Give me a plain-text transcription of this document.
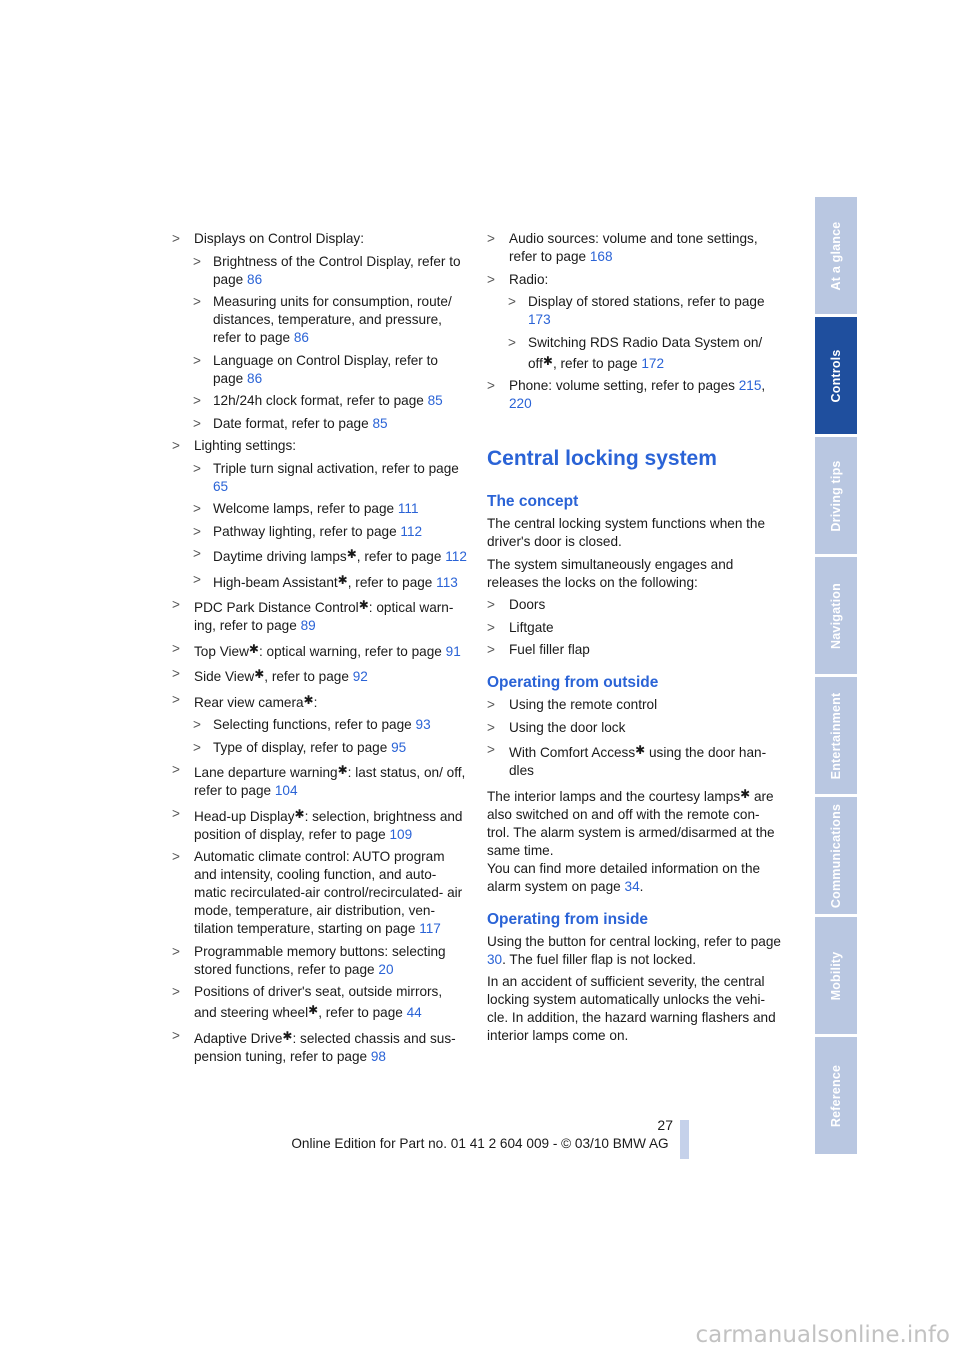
> Displays on Control Display:
> Brightness of the Control Display, refer to page 86
> Measuring units for consumption, route/ distances, temperature, and pressure, refer to page 86
> Language on Control Display, refer to page 86
> 12h/24h clock format, refer to page 85
> Date format, refer to page 85
> Lighting settings:
> Triple turn signal activation, refer to page 65
> Welcome lamps, refer to page 111
> Pathway lighting, refer to page 112
> Daytime driving lamps✱, refer to page 112
> High-beam Assistant✱, refer to page 113
> PDC Park Distance Control✱: optical warn- ing, refer to page 89
> Top View✱: optical warning, refer to page 91
> Side View✱, refer to page 92
> Rear view camera✱:
> Selecting functions, refer to page 93
> Type of display, refer to page 95
> Lane departure warning✱: last status, on/ off, refer to page 104
> Head-up Display✱: selection, brightness and position of display, refer to page 109
> Automatic climate control: AUTO program and intensity, cooling function, and auto- matic recirculated-air control/recirculated- air mode, temperature, air distribution, ven- tilation temperature, starting on page 117
> Programmable memory buttons: selecting stored functions, refer to page 20
> Positions of driver's seat, outside mirrors, and steering wheel✱, refer to page 44
> Adaptive Drive✱: selected chassis and sus- pension tuning, refer to page 98
> Audio sources: volume and tone settings, refer to page 168
> Radio:
> Display of stored stations, refer to page 173
> Switching RDS Radio Data System on/ off✱, refer to page 172
> Phone: volume setting, refer to pages 215, 220
Central locking system
The concept

The central locking system functions when the driver's door is closed.

The system simultaneously engages and releases the locks on the following:

> Doors
> Liftgate
> Fuel filler flap
Operating from outside
> Using the remote control
> Using the door lock
> With Comfort Access✱ using the door han- dles

The interior lamps and the courtesy lamps✱ are also switched on and off with the remote con- trol. The alarm system is armed/disarmed at the same time.

You can find more detailed information on the alarm system on page 34.

Operating from inside

Using the button for central locking, refer to page 30. The fuel filler flap is not locked.

In an accident of sufficient severity, the central locking system automatically unlocks the vehi- cle. In addition, the hazard warning flashers and interior lamps come on.

At a glance
Controls
Driving tips
Navigation
Entertainment
Communications
Mobility
Reference
27
Online Edition for Part no. 01 41 2 604 009 - © 03/10 BMW AG
carmanualsonline.info
